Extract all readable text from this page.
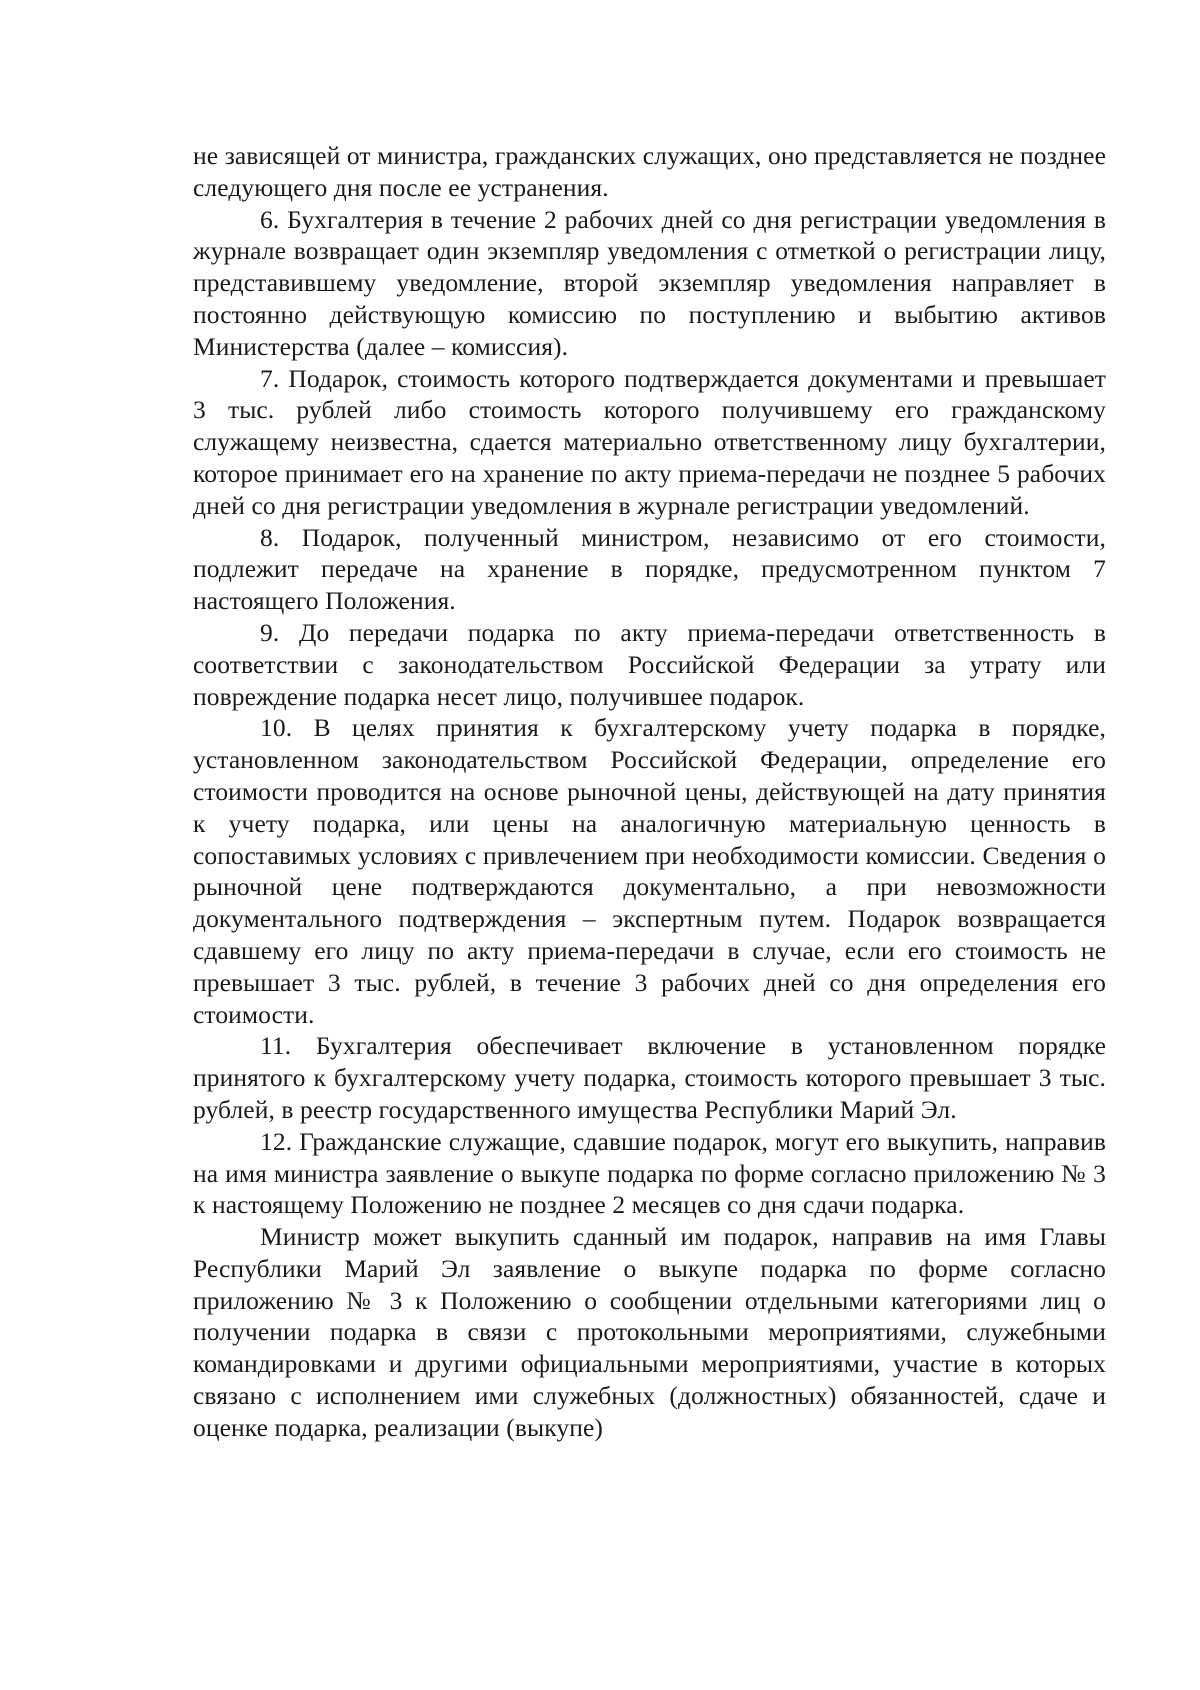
не зависящей от министра, гражданских служащих, оно представляется не позднее следующего дня после ее устранения.

6. Бухгалтерия в течение 2 рабочих дней со дня регистрации уведомления в журнале возвращает один экземпляр уведомления с отметкой о регистрации лицу, представившему уведомление, второй экземпляр уведомления направляет в постоянно действующую комиссию по поступлению и выбытию активов Министерства (далее – комиссия).

7. Подарок, стоимость которого подтверждается документами и превышает 3 тыс. рублей либо стоимость которого получившему его гражданскому служащему неизвестна, сдается материально ответственному лицу бухгалтерии, которое принимает его на хранение по акту приема-передачи не позднее 5 рабочих дней со дня регистрации уведомления в журнале регистрации уведомлений.

8. Подарок, полученный министром, независимо от его стоимости, подлежит передаче на хранение в порядке, предусмотренном пунктом 7 настоящего Положения.

9. До передачи подарка по акту приема-передачи ответственность в соответствии с законодательством Российской Федерации за утрату или повреждение подарка несет лицо, получившее подарок.

10. В целях принятия к бухгалтерскому учету подарка в порядке, установленном законодательством Российской Федерации, определение его стоимости проводится на основе рыночной цены, действующей на дату принятия к учету подарка, или цены на аналогичную материальную ценность в сопоставимых условиях с привлечением при необходимости комиссии. Сведения о рыночной цене подтверждаются документально, а при невозможности документального подтверждения – экспертным путем. Подарок возвращается сдавшему его лицу по акту приема-передачи в случае, если его стоимость не превышает 3 тыс. рублей, в течение 3 рабочих дней со дня определения его стоимости.

11. Бухгалтерия обеспечивает включение в установленном порядке принятого к бухгалтерскому учету подарка, стоимость которого превышает 3 тыс. рублей, в реестр государственного имущества Республики Марий Эл.

12. Гражданские служащие, сдавшие подарок, могут его выкупить, направив на имя министра заявление о выкупе подарка по форме согласно приложению № 3 к настоящему Положению не позднее 2 месяцев со дня сдачи подарка.

Министр может выкупить сданный им подарок, направив на имя Главы Республики Марий Эл заявление о выкупе подарка по форме согласно приложению № 3 к Положению о сообщении отдельными категориями лиц о получении подарка в связи с протокольными мероприятиями, служебными командировками и другими официальными мероприятиями, участие в которых связано с исполнением ими служебных (должностных) обязанностей, сдаче и оценке подарка, реализации (выкупе)
